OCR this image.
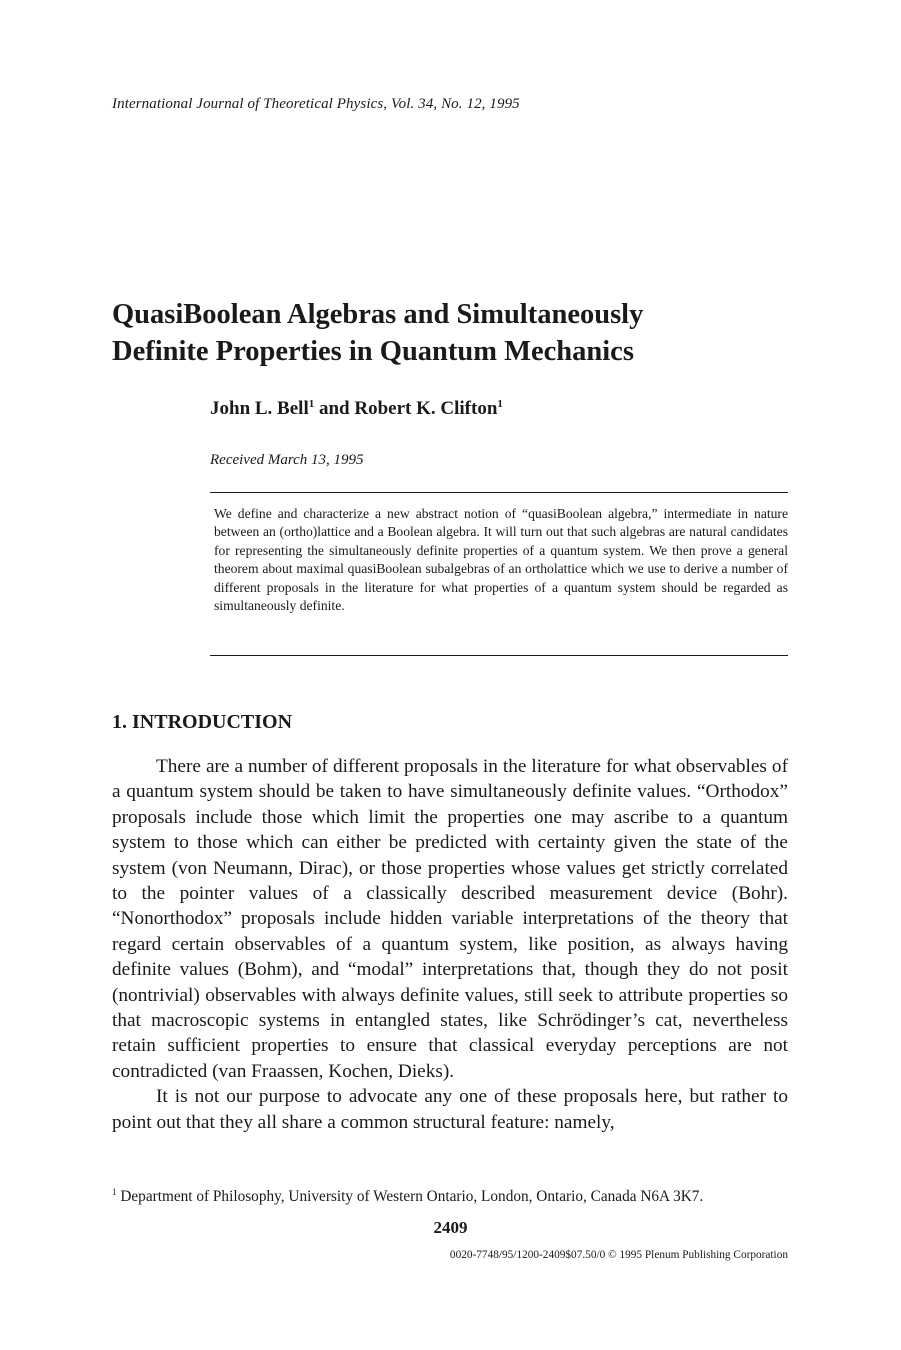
International Journal of Theoretical Physics, Vol. 34, No. 12, 1995
QuasiBoolean Algebras and Simultaneously
Definite Properties in Quantum Mechanics
John L. Bell$^1$ and Robert K. Clifton$^1$
Received March 13, 1995
We define and characterize a new abstract notion of “quasiBoolean algebra,” intermediate in nature between an (ortho)lattice and a Boolean algebra. It will turn out that such algebras are natural candidates for representing the simultaneously definite properties of a quantum system. We then prove a general theorem about maximal quasiBoolean subalgebras of an ortholattice which we use to derive a number of different proposals in the literature for what properties of a quantum system should be regarded as simultaneously definite.
1. INTRODUCTION

There are a number of different proposals in the literature for what observables of a quantum system should be taken to have simultaneously definite values. “Orthodox” proposals include those which limit the properties one may ascribe to a quantum system to those which can either be predicted with certainty given the state of the system (von Neumann, Dirac), or those properties whose values get strictly correlated to the pointer values of a classically described measurement device (Bohr). “Nonorthodox” proposals include hidden variable interpretations of the theory that regard certain observables of a quantum system, like position, as always having definite values (Bohm), and “modal” interpretations that, though they do not posit (nontrivial) observables with always definite values, still seek to attribute properties so that macroscopic systems in entangled states, like Schrödinger’s cat, nevertheless retain sufficient properties to ensure that classical everyday perceptions are not contradicted (van Fraassen, Kochen, Dieks).

It is not our purpose to advocate any one of these proposals here, but rather to point out that they all share a common structural feature: namely,

$^1$ Department of Philosophy, University of Western Ontario, London, Ontario, Canada N6A 3K7.
2409
0020-7748/95/1200-2409$07.50/0 © 1995 Plenum Publishing Corporation
